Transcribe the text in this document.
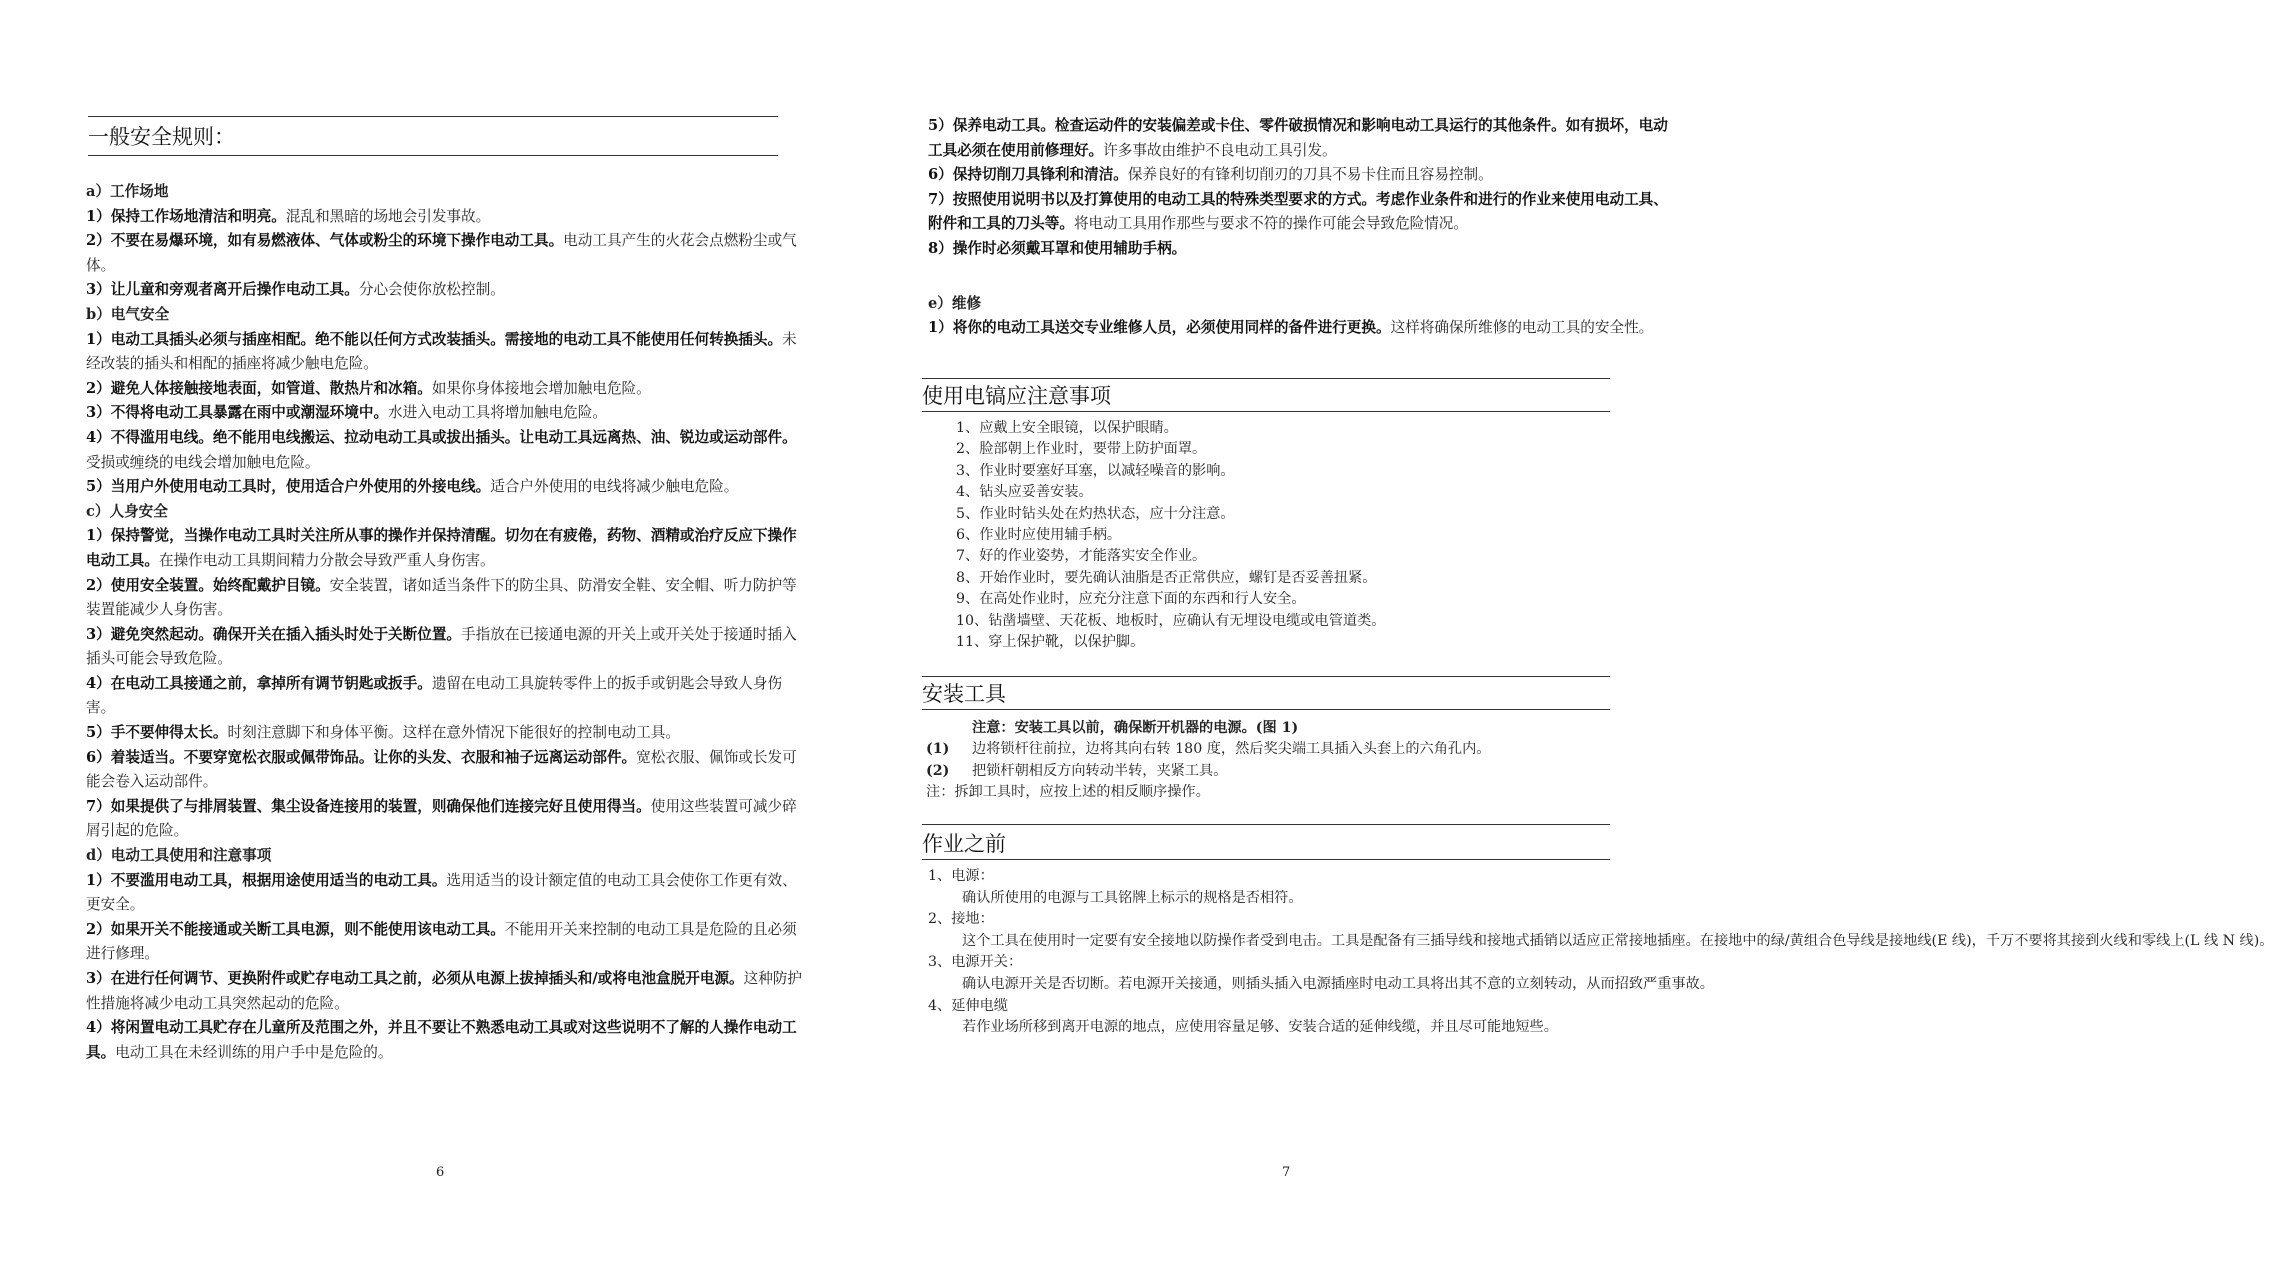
一般安全规则：
a）工作场地
1）保持工作场地清洁和明亮。混乱和黑暗的场地会引发事故。
2）不要在易爆环境，如有易燃液体、气体或粉尘的环境下操作电动工具。电动工具产生的火花会点燃粉尘或气体。
3）让儿童和旁观者离开后操作电动工具。分心会使你放松控制。
b）电气安全
1）电动工具插头必须与插座相配。绝不能以任何方式改装插头。需接地的电动工具不能使用任何转换插头。未经改装的插头和相配的插座将减少触电危险。
2）避免人体接触接地表面，如管道、散热片和冰箱。如果你身体接地会增加触电危险。
3）不得将电动工具暴露在雨中或潮湿环境中。水进入电动工具将增加触电危险。
4）不得滥用电线。绝不能用电线搬运、拉动电动工具或拔出插头。让电动工具远离热、油、锐边或运动部件。受损或缠绕的电线会增加触电危险。
5）当用户外使用电动工具时，使用适合户外使用的外接电线。适合户外使用的电线将减少触电危险。
c）人身安全
1）保持警觉，当操作电动工具时关注所从事的操作并保持清醒。切勿在有疲倦，药物、酒精或治疗反应下操作电动工具。在操作电动工具期间精力分散会导致严重人身伤害。
2）使用安全装置。始终配戴护目镜。安全装置，诸如适当条件下的防尘具、防滑安全鞋、安全帽、听力防护等装置能减少人身伤害。
3）避免突然起动。确保开关在插入插头时处于关断位置。手指放在已接通电源的开关上或开关处于接通时插入插头可能会导致危险。
4）在电动工具接通之前，拿掉所有调节钥匙或扳手。遗留在电动工具旋转零件上的扳手或钥匙会导致人身伤害。
5）手不要伸得太长。时刻注意脚下和身体平衡。这样在意外情况下能很好的控制电动工具。
6）着装适当。不要穿宽松衣服或佩带饰品。让你的头发、衣服和袖子远离运动部件。宽松衣服、佩饰或长发可能会卷入运动部件。
7）如果提供了与排屑装置、集尘设备连接用的装置，则确保他们连接完好且使用得当。使用这些装置可减少碎屑引起的危险。
d）电动工具使用和注意事项
1）不要滥用电动工具，根据用途使用适当的电动工具。选用适当的设计额定值的电动工具会使你工作更有效、更安全。
2）如果开关不能接通或关断工具电源，则不能使用该电动工具。不能用开关来控制的电动工具是危险的且必须进行修理。
3）在进行任何调节、更换附件或贮存电动工具之前，必须从电源上拔掉插头和/或将电池盒脱开电源。这种防护性措施将减少电动工具突然起动的危险。
4）将闲置电动工具贮存在儿童所及范围之外，并且不要让不熟悉电动工具或对这些说明不了解的人操作电动工具。电动工具在未经训练的用户手中是危险的。
6
5）保养电动工具。检查运动件的安装偏差或卡住、零件破损情况和影响电动工具运行的其他条件。如有损坏，电动工具必须在使用前修理好。许多事故由维护不良电动工具引发。
6）保持切削刀具锋利和清洁。保养良好的有锋利切削刃的刀具不易卡住而且容易控制。
7）按照使用说明书以及打算使用的电动工具的特殊类型要求的方式。考虑作业条件和进行的作业来使用电动工具、附件和工具的刀头等。将电动工具用作那些与要求不符的操作可能会导致危险情况。
8）操作时必须戴耳罩和使用辅助手柄。
e）维修
1）将你的电动工具送交专业维修人员，必须使用同样的备件进行更换。这样将确保所维修的电动工具的安全性。
使用电镐应注意事项
1、应戴上安全眼镜，以保护眼睛。
2、脸部朝上作业时，要带上防护面罩。
3、作业时要塞好耳塞，以减轻噪音的影响。
4、钻头应妥善安装。
5、作业时钻头处在灼热状态，应十分注意。
6、作业时应使用辅手柄。
7、好的作业姿势，才能落实安全作业。
8、开始作业时，要先确认油脂是否正常供应，螺钉是否妥善扭紧。
9、在高处作业时，应充分注意下面的东西和行人安全。
10、钻凿墙壁、天花板、地板时，应确认有无埋设电缆或电管道类。
11、穿上保护靴，以保护脚。
安装工具
注意：安装工具以前，确保断开机器的电源。(图 1)
(1) 边将锁杆往前拉，边将其向右转 180 度，然后奖尖端工具插入头套上的六角孔内。
(2) 把锁杆朝相反方向转动半转，夹紧工具。
注：拆卸工具时，应按上述的相反顺序操作。
作业之前
1、电源：
确认所使用的电源与工具铭牌上标示的规格是否相符。
2、接地：
这个工具在使用时一定要有安全接地以防操作者受到电击。工具是配备有三插导线和接地式插销以适应正常接地插座。在接地中的绿/黄组合色导线是接地线(E 线)，千万不要将其接到火线和零线上(L 线 N 线)。
3、电源开关：
确认电源开关是否切断。若电源开关接通，则插头插入电源插座时电动工具将出其不意的立刻转动，从而招致严重事故。
4、延伸电缆
若作业场所移到离开电源的地点，应使用容量足够、安装合适的延伸线缆，并且尽可能地短些。
7
